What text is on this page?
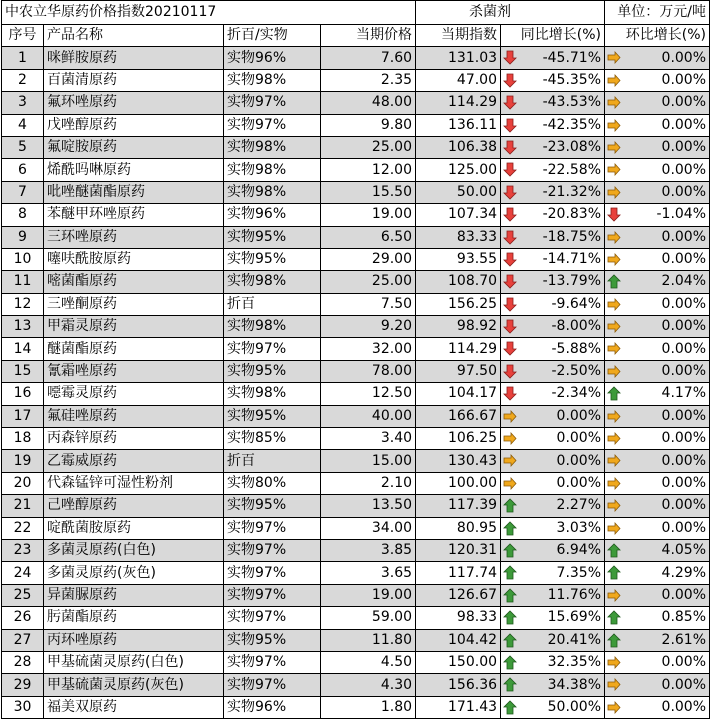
中农立华原药价格指数20210117				杀菌剂		单位：万元/吨
序号	产品名称	折百/实物	当期价格	当期指数	同比增长(%)	环比增长(%)
1	咪鲜胺原药	实物96%	7.60	131.03	-45.71%	0.00%
2	百菌清原药	实物98%	2.35	47.00	-45.35%	0.00%
3	氟环唑原药	实物97%	48.00	114.29	-43.53%	0.00%
4	戊唑醇原药	实物97%	9.80	136.11	-42.35%	0.00%
5	氟啶胺原药	实物98%	25.00	106.38	-23.08%	0.00%
6	烯酰吗啉原药	实物98%	12.00	125.00	-22.58%	0.00%
7	吡唑醚菌酯原药	实物98%	15.50	50.00	-21.32%	0.00%
8	苯醚甲环唑原药	实物96%	19.00	107.34	-20.83%	-1.04%
9	三环唑原药	实物95%	6.50	83.33	-18.75%	0.00%
10	噻呋酰胺原药	实物95%	29.00	93.55	-14.71%	0.00%
11	嘧菌酯原药	实物98%	25.00	108.70	-13.79%	2.04%
12	三唑酮原药	折百	7.50	156.25	-9.64%	0.00%
13	甲霜灵原药	实物98%	9.20	98.92	-8.00%	0.00%
14	醚菌酯原药	实物97%	32.00	114.29	-5.88%	0.00%
15	氰霜唑原药	实物95%	78.00	97.50	-2.50%	0.00%
16	噁霉灵原药	实物98%	12.50	104.17	-2.34%	4.17%
17	氟硅唑原药	实物95%	40.00	166.67	0.00%	0.00%
18	丙森锌原药	实物85%	3.40	106.25	0.00%	0.00%
19	乙霉威原药	折百	15.00	130.43	0.00%	0.00%
20	代森锰锌可湿性粉剂	实物80%	2.10	100.00	0.00%	0.00%
21	己唑醇原药	实物95%	13.50	117.39	2.27%	0.00%
22	啶酰菌胺原药	实物97%	34.00	80.95	3.03%	0.00%
23	多菌灵原药(白色)	实物97%	3.85	120.31	6.94%	4.05%
24	多菌灵原药(灰色)	实物97%	3.65	117.74	7.35%	4.29%
25	异菌脲原药	实物97%	19.00	126.67	11.76%	0.00%
26	肟菌酯原药	实物97%	59.00	98.33	15.69%	0.85%
27	丙环唑原药	实物95%	11.80	104.42	20.41%	2.61%
28	甲基硫菌灵原药(白色)	实物97%	4.50	150.00	32.35%	0.00%
29	甲基硫菌灵原药(灰色)	实物97%	4.30	156.36	34.38%	0.00%
30	福美双原药	实物96%	1.80	171.43	50.00%	0.00%
